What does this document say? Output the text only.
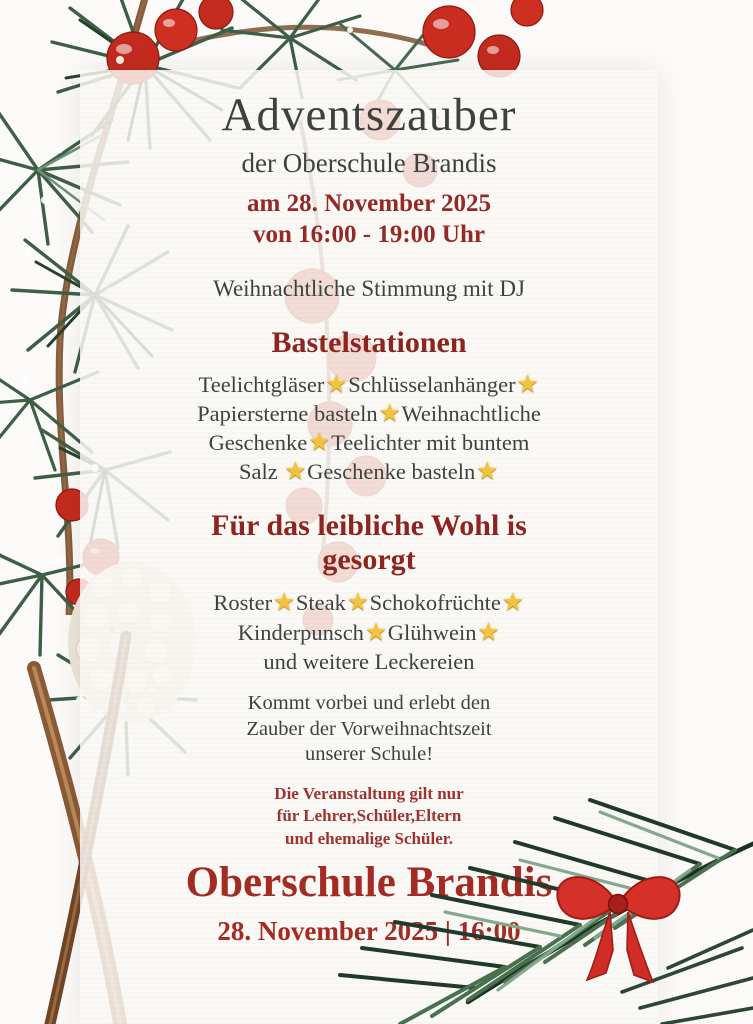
Adventszauber
der Oberschule Brandis
am 28. November 2025
von 16:00 - 19:00 Uhr
Weihnachtliche Stimmung mit DJ
Bastelstationen
Teelichtgläser★Schlüsselanhänger★
Papiersterne basteln★Weihnachtliche
Geschenke★Teelichter mit buntem
Salz ★Geschenke basteln★
Für das leibliche Wohl is
gesorgt
Roster★Steak★Schokofrüchte★
Kinderpunsch★Glühwein★
und weitere Leckereien
Kommt vorbei und erlebt den
Zauber der Vorweihnachtszeit
unserer Schule!
Die Veranstaltung gilt nur
für Lehrer,Schüler,Eltern
und ehemalige Schüler.
Oberschule Brandis
28. November 2025 | 16:00
